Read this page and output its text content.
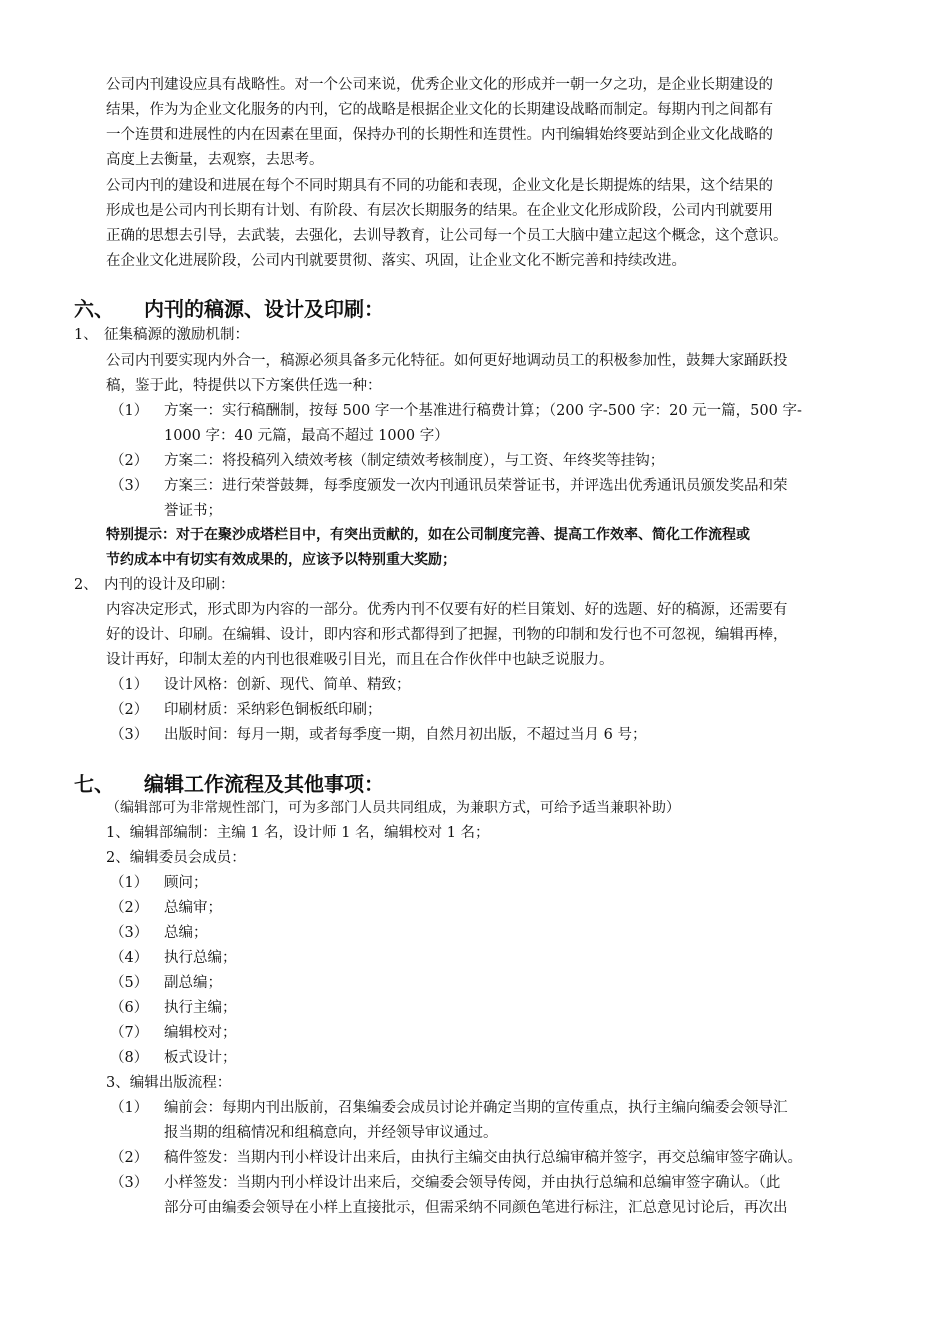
公司内刊建设应具有战略性。对一个公司来说，优秀企业文化的形成并一朝一夕之功，是企业长期建设的
结果，作为为企业文化服务的内刊，它的战略是根据企业文化的长期建设战略而制定。每期内刊之间都有
一个连贯和进展性的内在因素在里面，保持办刊的长期性和连贯性。内刊编辑始终要站到企业文化战略的
高度上去衡量，去观察，去思考。
公司内刊的建设和进展在每个不同时期具有不同的功能和表现，企业文化是长期提炼的结果，这个结果的
形成也是公司内刊长期有计划、有阶段、有层次长期服务的结果。在企业文化形成阶段，公司内刊就要用
正确的思想去引导，去武装，去强化，去训导教育，让公司每一个员工大脑中建立起这个概念，这个意识。
在企业文化进展阶段，公司内刊就要贯彻、落实、巩固，让企业文化不断完善和持续改进。
六、 内刊的稿源、设计及印刷：
1、 征集稿源的激励机制：
公司内刊要实现内外合一，稿源必须具备多元化特征。如何更好地调动员工的积极参加性，鼓舞大家踊跃投
稿，鉴于此，特提供以下方案供任选一种：
（1） 方案一：实行稿酬制，按每 500 字一个基准进行稿费计算；（200 字-500 字：20 元一篇，500 字-
1000 字：40 元篇，最高不超过 1000 字）
（2） 方案二：将投稿列入绩效考核（制定绩效考核制度），与工资、年终奖等挂钩；
（3） 方案三：进行荣誉鼓舞，每季度颁发一次内刊通讯员荣誉证书，并评选出优秀通讯员颁发奖品和荣
誉证书；
特别提示：对于在聚沙成塔栏目中，有突出贡献的，如在公司制度完善、提高工作效率、简化工作流程或
节约成本中有切实有效成果的，应该予以特别重大奖励；
2、 内刊的设计及印刷：
内容决定形式，形式即为内容的一部分。优秀内刊不仅要有好的栏目策划、好的选题、好的稿源，还需要有
好的设计、印刷。在编辑、设计，即内容和形式都得到了把握，刊物的印制和发行也不可忽视，编辑再棒，
设计再好，印制太差的内刊也很难吸引目光，而且在合作伙伴中也缺乏说服力。
（1） 设计风格：创新、现代、简单、精致；
（2） 印刷材质：采纳彩色铜板纸印刷；
（3） 出版时间：每月一期，或者每季度一期，自然月初出版，不超过当月 6 号；
七、 编辑工作流程及其他事项：
（编辑部可为非常规性部门，可为多部门人员共同组成，为兼职方式，可给予适当兼职补助）
1、编辑部编制：主编 1 名，设计师 1 名，编辑校对 1 名；
2、编辑委员会成员：
（1） 顾问；
（2） 总编审；
（3） 总编；
（4） 执行总编；
（5） 副总编；
（6） 执行主编；
（7） 编辑校对；
（8） 板式设计；
3、编辑出版流程：
（1） 编前会：每期内刊出版前，召集编委会成员讨论并确定当期的宣传重点，执行主编向编委会领导汇
报当期的组稿情况和组稿意向，并经领导审议通过。
（2） 稿件签发：当期内刊小样设计出来后，由执行主编交由执行总编审稿并签字，再交总编审签字确认。
（3） 小样签发：当期内刊小样设计出来后，交编委会领导传阅，并由执行总编和总编审签字确认。（此
部分可由编委会领导在小样上直接批示，但需采纳不同颜色笔进行标注，汇总意见讨论后，再次出
